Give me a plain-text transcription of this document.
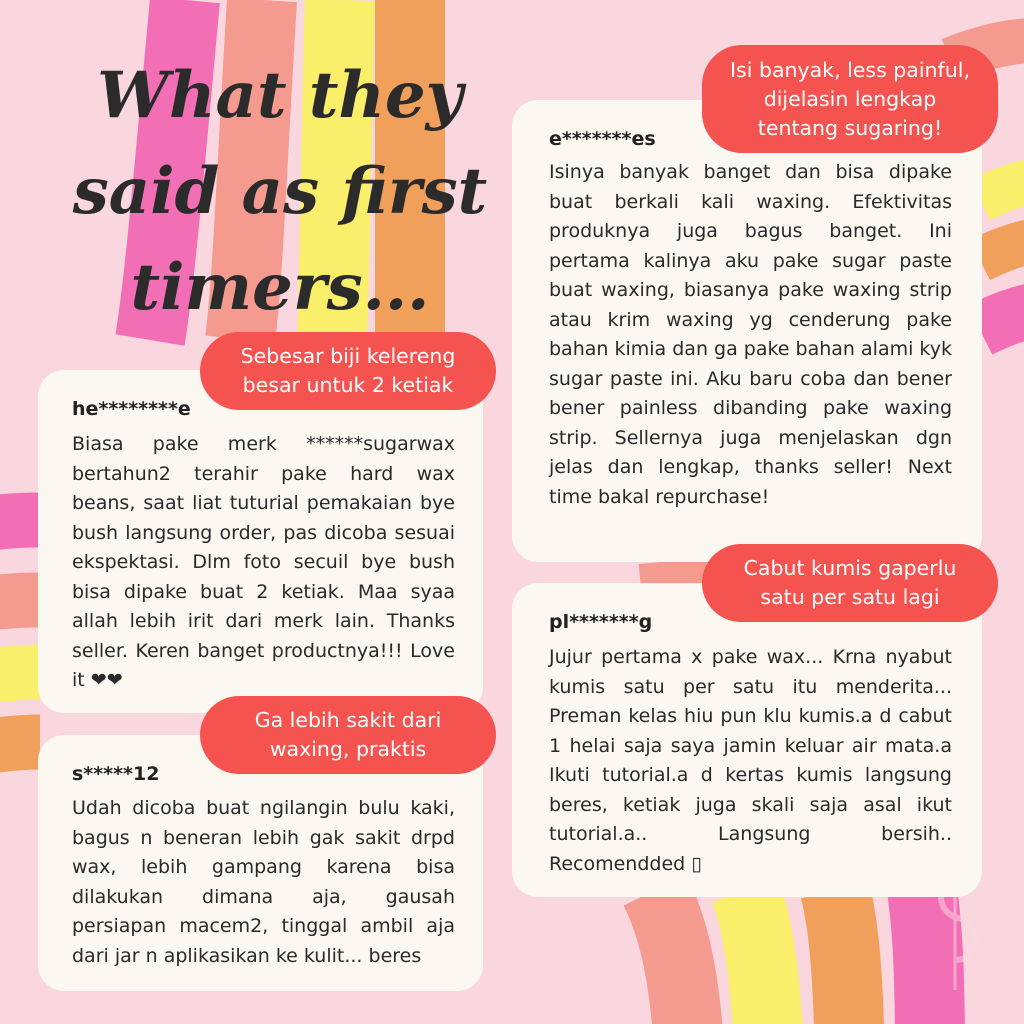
What they
said as first
timers...
he********e

Biasa pake merk ******sugarwax bertahun2 terahir pake hard wax beans, saat liat tuturial pemakaian bye bush langsung order, pas dicoba sesuai ekspektasi. Dlm foto secuil bye bush bisa dipake buat 2 ketiak. Maa syaa allah lebih irit dari merk lain. Thanks seller. Keren banget productnya!!! Love it ❤❤

Sebesar biji kelereng
besar untuk 2 ketiak
s*****12

Udah dicoba buat ngilangin bulu kaki, bagus n beneran lebih gak sakit drpd wax, lebih gampang karena bisa dilakukan dimana aja, gausah persiapan macem2, tinggal ambil aja dari jar n aplikasikan ke kulit... beres

Ga lebih sakit dari
waxing, praktis
e*******es

Isinya banyak banget dan bisa dipake buat berkali kali waxing. Efektivitas produknya juga bagus banget. Ini pertama kalinya aku pake sugar paste buat waxing, biasanya pake waxing strip atau krim waxing yg cenderung pake bahan kimia dan ga pake bahan alami kyk sugar paste ini. Aku baru coba dan bener bener painless dibanding pake waxing strip. Sellernya juga menjelaskan dgn jelas dan lengkap, thanks seller! Next time bakal repurchase!

Isi banyak, less painful,
dijelasin lengkap
tentang sugaring!
pl*******g

Jujur pertama x pake wax... Krna nyabut kumis satu per satu itu menderita... Preman kelas hiu pun klu kumis.a d cabut 1 helai saja saya jamin keluar air mata.a Ikuti tutorial.a d kertas kumis langsung beres, ketiak juga skali saja asal ikut tutorial.a.. Langsung bersih.. Recomendded ▯

Cabut kumis gaperlu
satu per satu lagi
